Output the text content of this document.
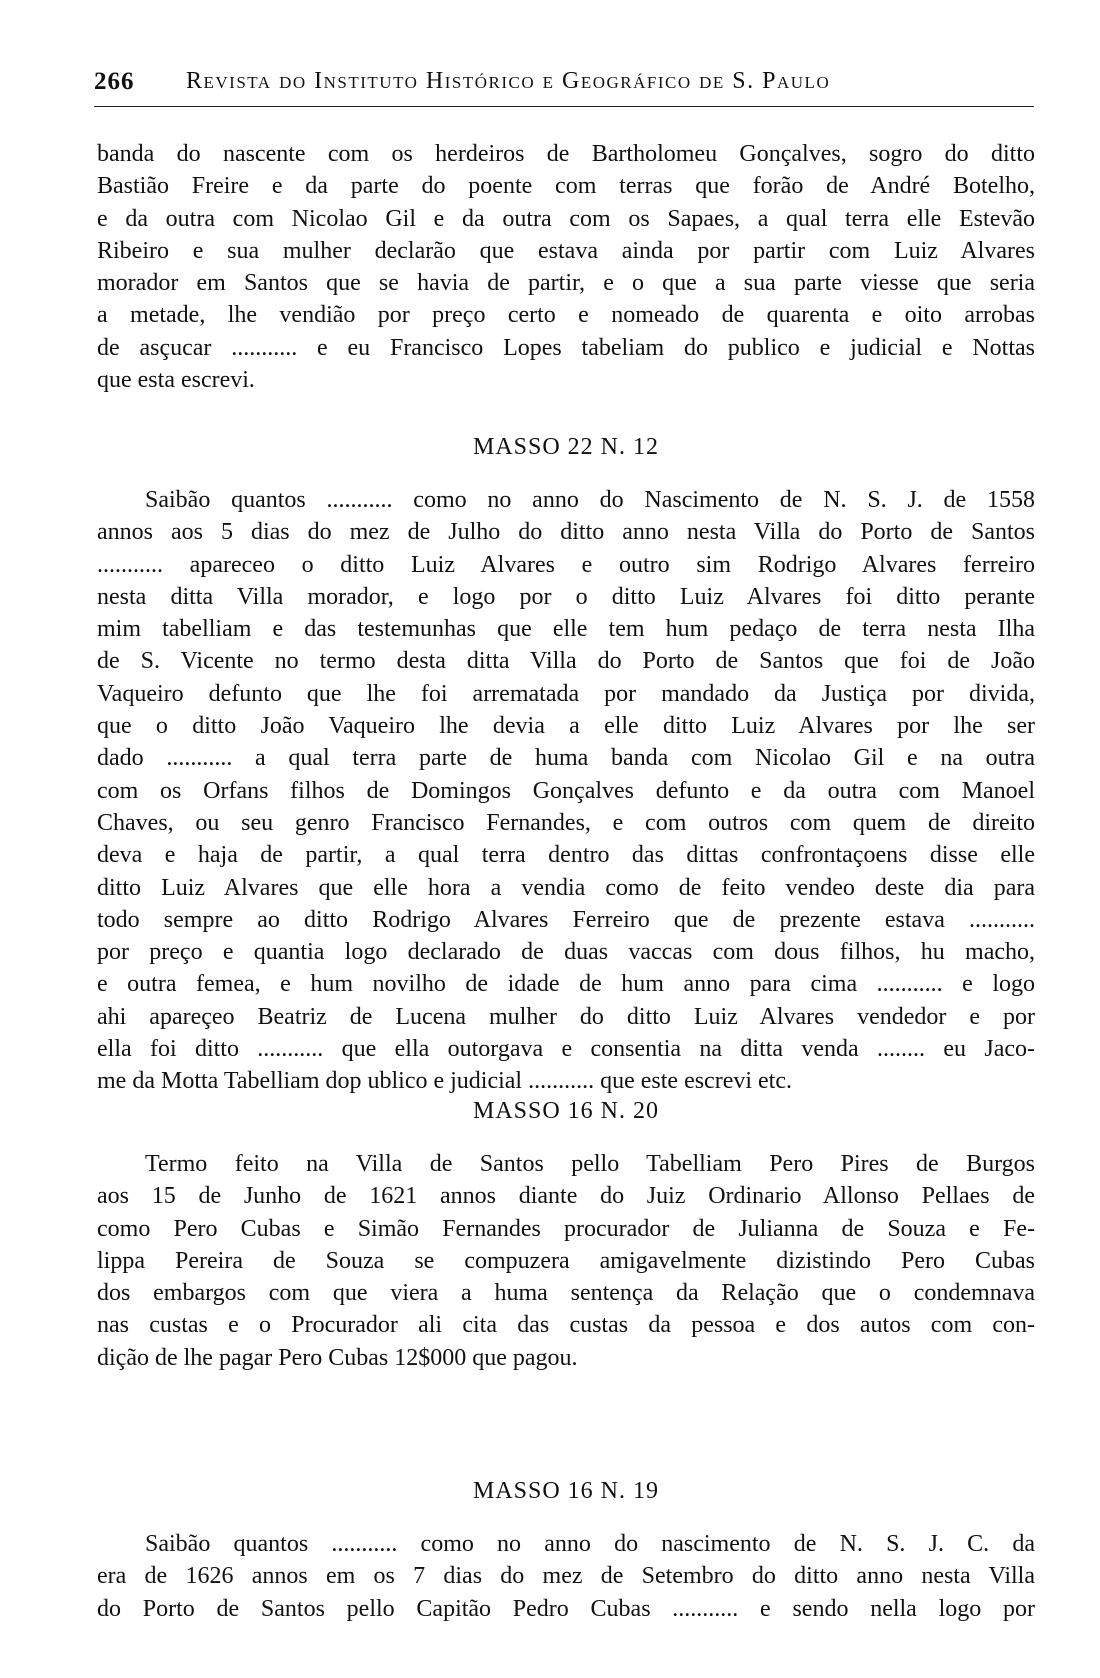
266 Revista do Instituto Histórico e Geográfico de S. Paulo
banda do nascente com os herdeiros de Bartholomeu Gonçalves, sogro do ditto
Bastião Freire e da parte do poente com terras que forão de André Botelho,
e da outra com Nicolao Gil e da outra com os Sapaes, a qual terra elle Estevão
Ribeiro e sua mulher declarão que estava ainda por partir com Luiz Alvares
morador em Santos que se havia de partir, e o que a sua parte viesse que seria
a metade, lhe vendião por preço certo e nomeado de quarenta e oito arrobas
de asçucar ........... e eu Francisco Lopes tabeliam do publico e judicial e Nottas
que esta escrevi.
MASSO 22 N. 12
Saibão quantos ........... como no anno do Nascimento de N. S. J. de 1558
annos aos 5 dias do mez de Julho do ditto anno nesta Villa do Porto de Santos
........... apareceo o ditto Luiz Alvares e outro sim Rodrigo Alvares ferreiro
nesta ditta Villa morador, e logo por o ditto Luiz Alvares foi ditto perante
mim tabelliam e das testemunhas que elle tem hum pedaço de terra nesta Ilha
de S. Vicente no termo desta ditta Villa do Porto de Santos que foi de João
Vaqueiro defunto que lhe foi arrematada por mandado da Justiça por divida,
que o ditto João Vaqueiro lhe devia a elle ditto Luiz Alvares por lhe ser
dado ........... a qual terra parte de huma banda com Nicolao Gil e na outra
com os Orfans filhos de Domingos Gonçalves defunto e da outra com Manoel
Chaves, ou seu genro Francisco Fernandes, e com outros com quem de direito
deva e haja de partir, a qual terra dentro das dittas confrontaçoens disse elle
ditto Luiz Alvares que elle hora a vendia como de feito vendeo deste dia para
todo sempre ao ditto Rodrigo Alvares Ferreiro que de prezente estava ...........
por preço e quantia logo declarado de duas vaccas com dous filhos, hu macho,
e outra femea, e hum novilho de idade de hum anno para cima ........... e logo
ahi apareçeo Beatriz de Lucena mulher do ditto Luiz Alvares vendedor e por
ella foi ditto ........... que ella outorgava e consentia na ditta venda ........ eu Jaco-
me da Motta Tabelliam dop ublico e judicial ........... que este escrevi etc.
MASSO 16 N. 20
Termo feito na Villa de Santos pello Tabelliam Pero Pires de Burgos
aos 15 de Junho de 1621 annos diante do Juiz Ordinario Allonso Pellaes de
como Pero Cubas e Simão Fernandes procurador de Julianna de Souza e Fe-
lippa Pereira de Souza se compuzera amigavelmente dizistindo Pero Cubas
dos embargos com que viera a huma sentença da Relação que o condemnava
nas custas e o Procurador ali cita das custas da pessoa e dos autos com con-
dição de lhe pagar Pero Cubas 12$000 que pagou.
MASSO 16 N. 19
Saibão quantos ........... como no anno do nascimento de N. S. J. C. da
era de 1626 annos em os 7 dias do mez de Setembro do ditto anno nesta Villa
do Porto de Santos pello Capitão Pedro Cubas ........... e sendo nella logo por
